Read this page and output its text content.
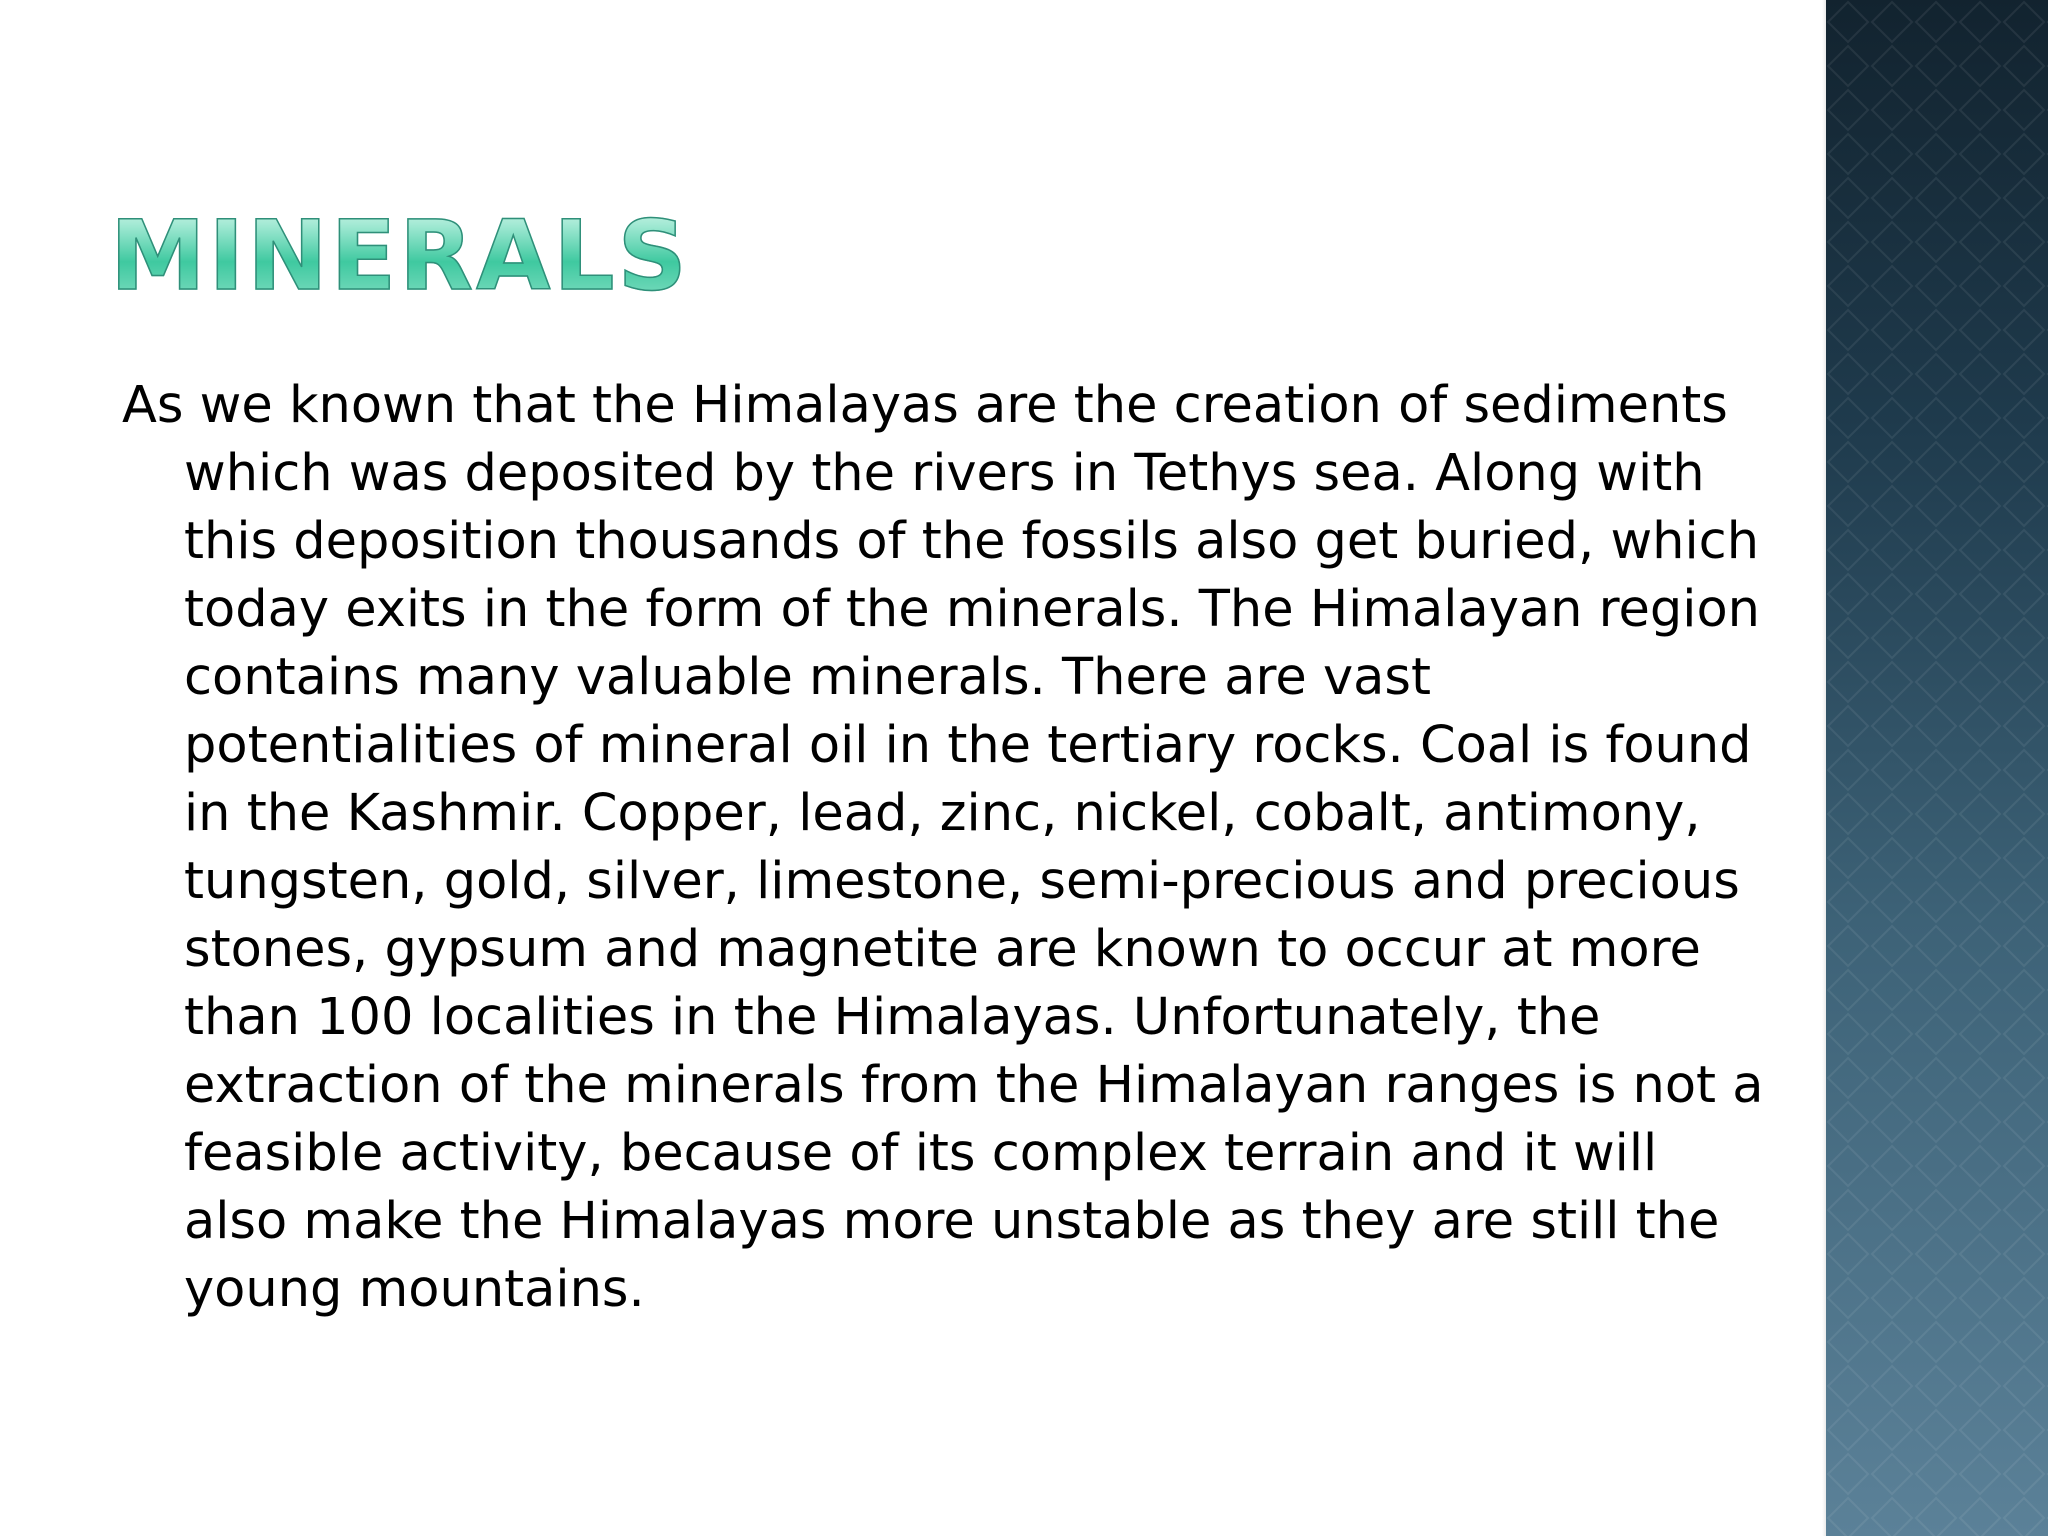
MINERALS

As we known that the Himalayas are the creation of sediments which was deposited by the rivers in Tethys sea. Along with this deposition thousands of the fossils also get buried, which today exits in the form of the minerals. The Himalayan region contains many valuable minerals. There are vast potentialities of mineral oil in the tertiary rocks. Coal is found in the Kashmir. Copper, lead, zinc, nickel, cobalt, antimony, tungsten, gold, silver, limestone, semi-precious and precious stones, gypsum and magnetite are known to occur at more than 100 localities in the Himalayas. Unfortunately, the extraction of the minerals from the Himalayan ranges is not a feasible activity, because of its complex terrain and it will also make the Himalayas more unstable as they are still the young mountains.
